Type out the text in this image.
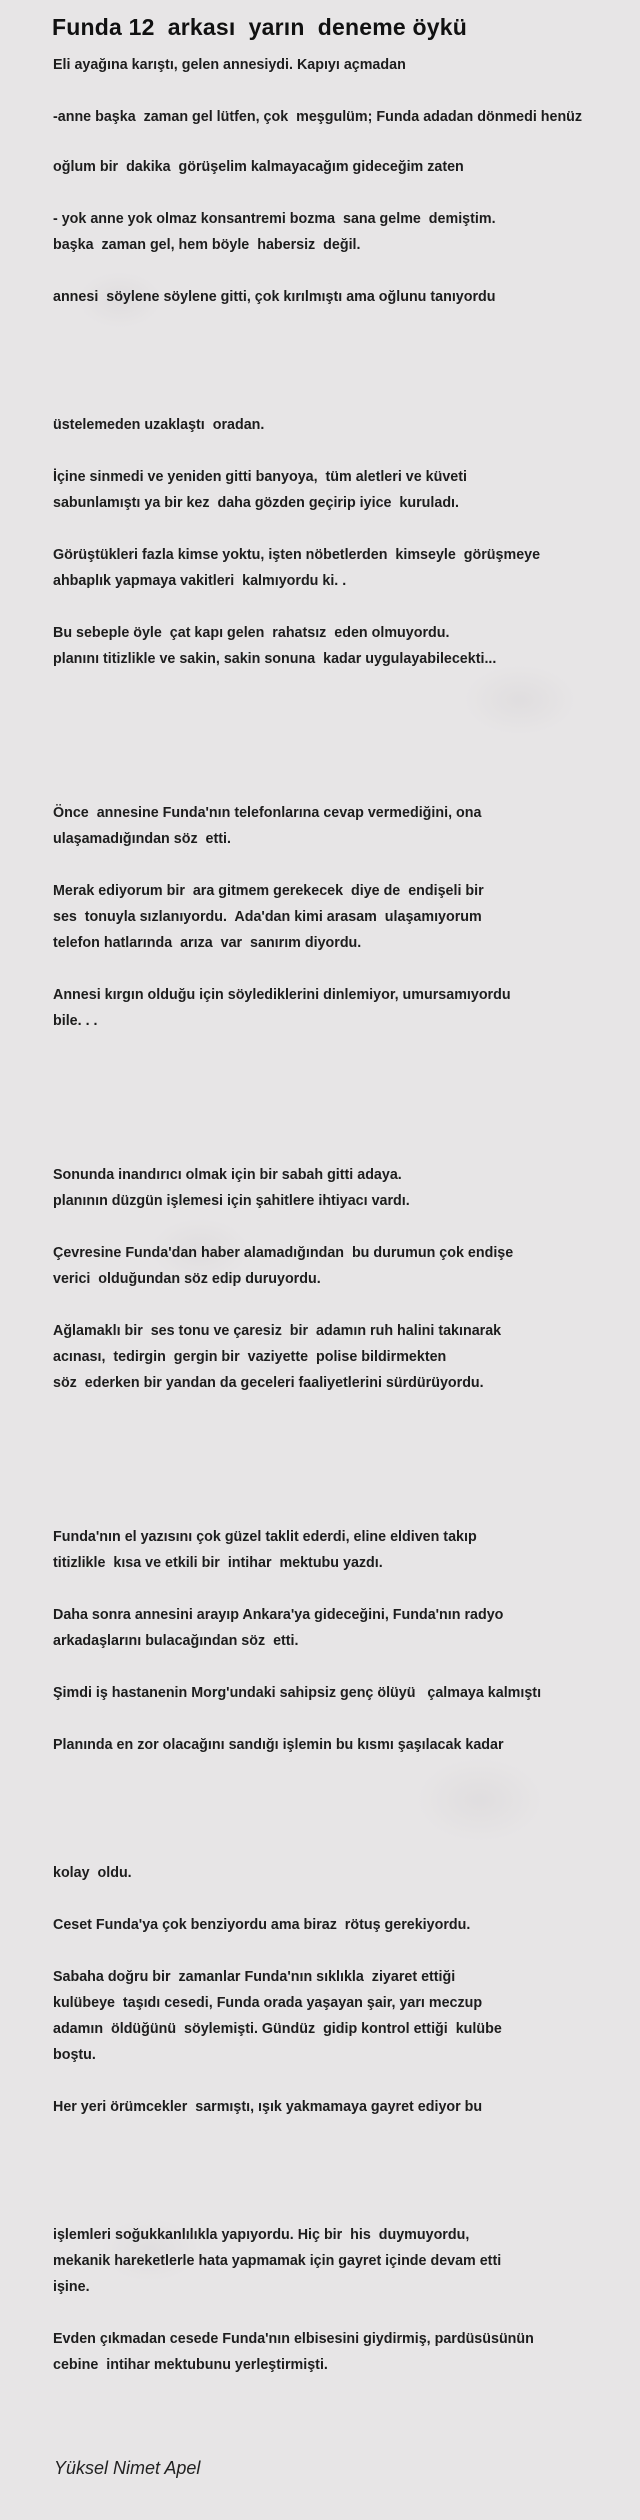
Funda 12  arkası  yarın  deneme öykü
Eli ayağına karıştı, gelen annesiydi. Kapıyı açmadan
-anne başka  zaman gel lütfen, çok  meşgulüm; Funda adadan dönmedi henüz
oğlum bir  dakika  görüşelim kalmayacağım gideceğim zaten
- yok anne yok olmaz konsantremi bozma  sana gelme  demiştim.
başka  zaman gel, hem böyle  habersiz  değil.
annesi  söylene söylene gitti, çok kırılmıştı ama oğlunu tanıyordu
üstelemeden uzaklaştı  oradan.
İçine sinmedi ve yeniden gitti banyoya,  tüm aletleri ve küveti
sabunlamıştı ya bir kez  daha gözden geçirip iyice  kuruladı.
Görüştükleri fazla kimse yoktu, işten nöbetlerden  kimseyle  görüşmeye
ahbaplık yapmaya vakitleri  kalmıyordu ki. .
Bu sebeple öyle  çat kapı gelen  rahatsız  eden olmuyordu.
planını titizlikle ve sakin, sakin sonuna  kadar uygulayabilecekti...
Önce  annesine Funda'nın telefonlarına cevap vermediğini, ona
ulaşamadığından söz  etti.
Merak ediyorum bir  ara gitmem gerekecek  diye de  endişeli bir
ses  tonuyla sızlanıyordu.  Ada'dan kimi arasam  ulaşamıyorum
telefon hatlarında  arıza  var  sanırım diyordu.
Annesi kırgın olduğu için söylediklerini dinlemiyor, umursamıyordu
bile. . .
Sonunda inandırıcı olmak için bir sabah gitti adaya.
planının düzgün işlemesi için şahitlere ihtiyacı vardı.
Çevresine Funda'dan haber alamadığından  bu durumun çok endişe
verici  olduğundan söz edip duruyordu.
Ağlamaklı bir  ses tonu ve çaresiz  bir  adamın ruh halini takınarak
acınası,  tedirgin  gergin bir  vaziyette  polise bildirmekten
söz  ederken bir yandan da geceleri faaliyetlerini sürdürüyordu.
Funda'nın el yazısını çok güzel taklit ederdi, eline eldiven takıp
titizlikle  kısa ve etkili bir  intihar  mektubu yazdı.
Daha sonra annesini arayıp Ankara'ya gideceğini, Funda'nın radyo
arkadaşlarını bulacağından söz  etti.
Şimdi iş hastanenin Morg'undaki sahipsiz genç ölüyü   çalmaya kalmıştı
Planında en zor olacağını sandığı işlemin bu kısmı şaşılacak kadar
kolay  oldu.
Ceset Funda'ya çok benziyordu ama biraz  rötuş gerekiyordu.
Sabaha doğru bir  zamanlar Funda'nın sıklıkla  ziyaret ettiği
kulübeye  taşıdı cesedi, Funda orada yaşayan şair, yarı meczup
adamın  öldüğünü  söylemişti. Gündüz  gidip kontrol ettiği  kulübe
boştu.
Her yeri örümcekler  sarmıştı, ışık yakmamaya gayret ediyor bu
işlemleri soğukkanlılıkla yapıyordu. Hiç bir  his  duymuyordu,
mekanik hareketlerle hata yapmamak için gayret içinde devam etti
işine.
Evden çıkmadan cesede Funda'nın elbisesini giydirmiş, pardüsüsünün
cebine  intihar mektubunu yerleştirmişti.
Yüksel Nimet Apel
